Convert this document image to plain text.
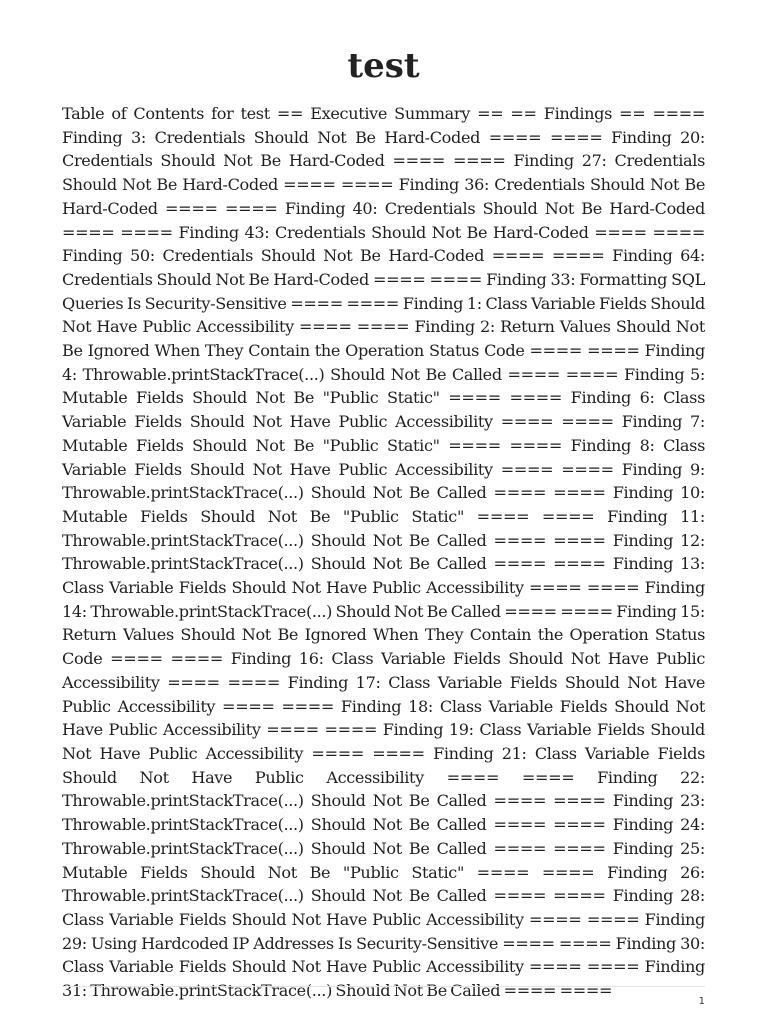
test

Table of Contents for test == Executive Summary == == Findings == ==== Finding 3: Credentials Should Not Be Hard-Coded ==== ==== Finding 20: Credentials Should Not Be Hard-Coded ==== ==== Finding 27: Credentials Should Not Be Hard-Coded ==== ==== Finding 36: Credentials Should Not Be Hard-Coded ==== ==== Finding 40: Credentials Should Not Be Hard-Coded ==== ==== Finding 43: Credentials Should Not Be Hard-Coded ==== ==== Finding 50: Credentials Should Not Be Hard-Coded ==== ==== Finding 64: Credentials Should Not Be Hard-Coded ==== ==== Finding 33: Formatting SQL Queries Is Security-Sensitive ==== ==== Finding 1: Class Variable Fields Should Not Have Public Accessibility ==== ==== Finding 2: Return Values Should Not Be Ignored When They Contain the Operation Status Code ==== ==== Finding 4: Throwable.printStackTrace(...) Should Not Be Called ==== ==== Finding 5: Mutable Fields Should Not Be "Public Static" ==== ==== Finding 6: Class Variable Fields Should Not Have Public Accessibility ==== ==== Finding 7: Mutable Fields Should Not Be "Public Static" ==== ==== Finding 8: Class Variable Fields Should Not Have Public Accessibility ==== ==== Finding 9: Throwable.printStackTrace(...) Should Not Be Called ==== ==== Finding 10: Mutable Fields Should Not Be "Public Static" ==== ==== Finding 11: Throwable.printStackTrace(...) Should Not Be Called ==== ==== Finding 12: Throwable.printStackTrace(...) Should Not Be Called ==== ==== Finding 13: Class Variable Fields Should Not Have Public Accessibility ==== ==== Finding 14: Throwable.printStackTrace(...) Should Not Be Called ==== ==== Finding 15: Return Values Should Not Be Ignored When They Contain the Operation Status Code ==== ==== Finding 16: Class Variable Fields Should Not Have Public Accessibility ==== ==== Finding 17: Class Variable Fields Should Not Have Public Accessibility ==== ==== Finding 18: Class Variable Fields Should Not Have Public Accessibility ==== ==== Finding 19: Class Variable Fields Should Not Have Public Accessibility ==== ==== Finding 21: Class Variable Fields Should Not Have Public Accessibility ==== ==== Finding 22: Throwable.printStackTrace(...) Should Not Be Called ==== ==== Finding 23: Throwable.printStackTrace(...) Should Not Be Called ==== ==== Finding 24: Throwable.printStackTrace(...) Should Not Be Called ==== ==== Finding 25: Mutable Fields Should Not Be "Public Static" ==== ==== Finding 26: Throwable.printStackTrace(...) Should Not Be Called ==== ==== Finding 28: Class Variable Fields Should Not Have Public Accessibility ==== ==== Finding 29: Using Hardcoded IP Addresses Is Security-Sensitive ==== ==== Finding 30: Class Variable Fields Should Not Have Public Accessibility ==== ==== Finding 31: Throwable.printStackTrace(...) Should Not Be Called ==== ====

1
